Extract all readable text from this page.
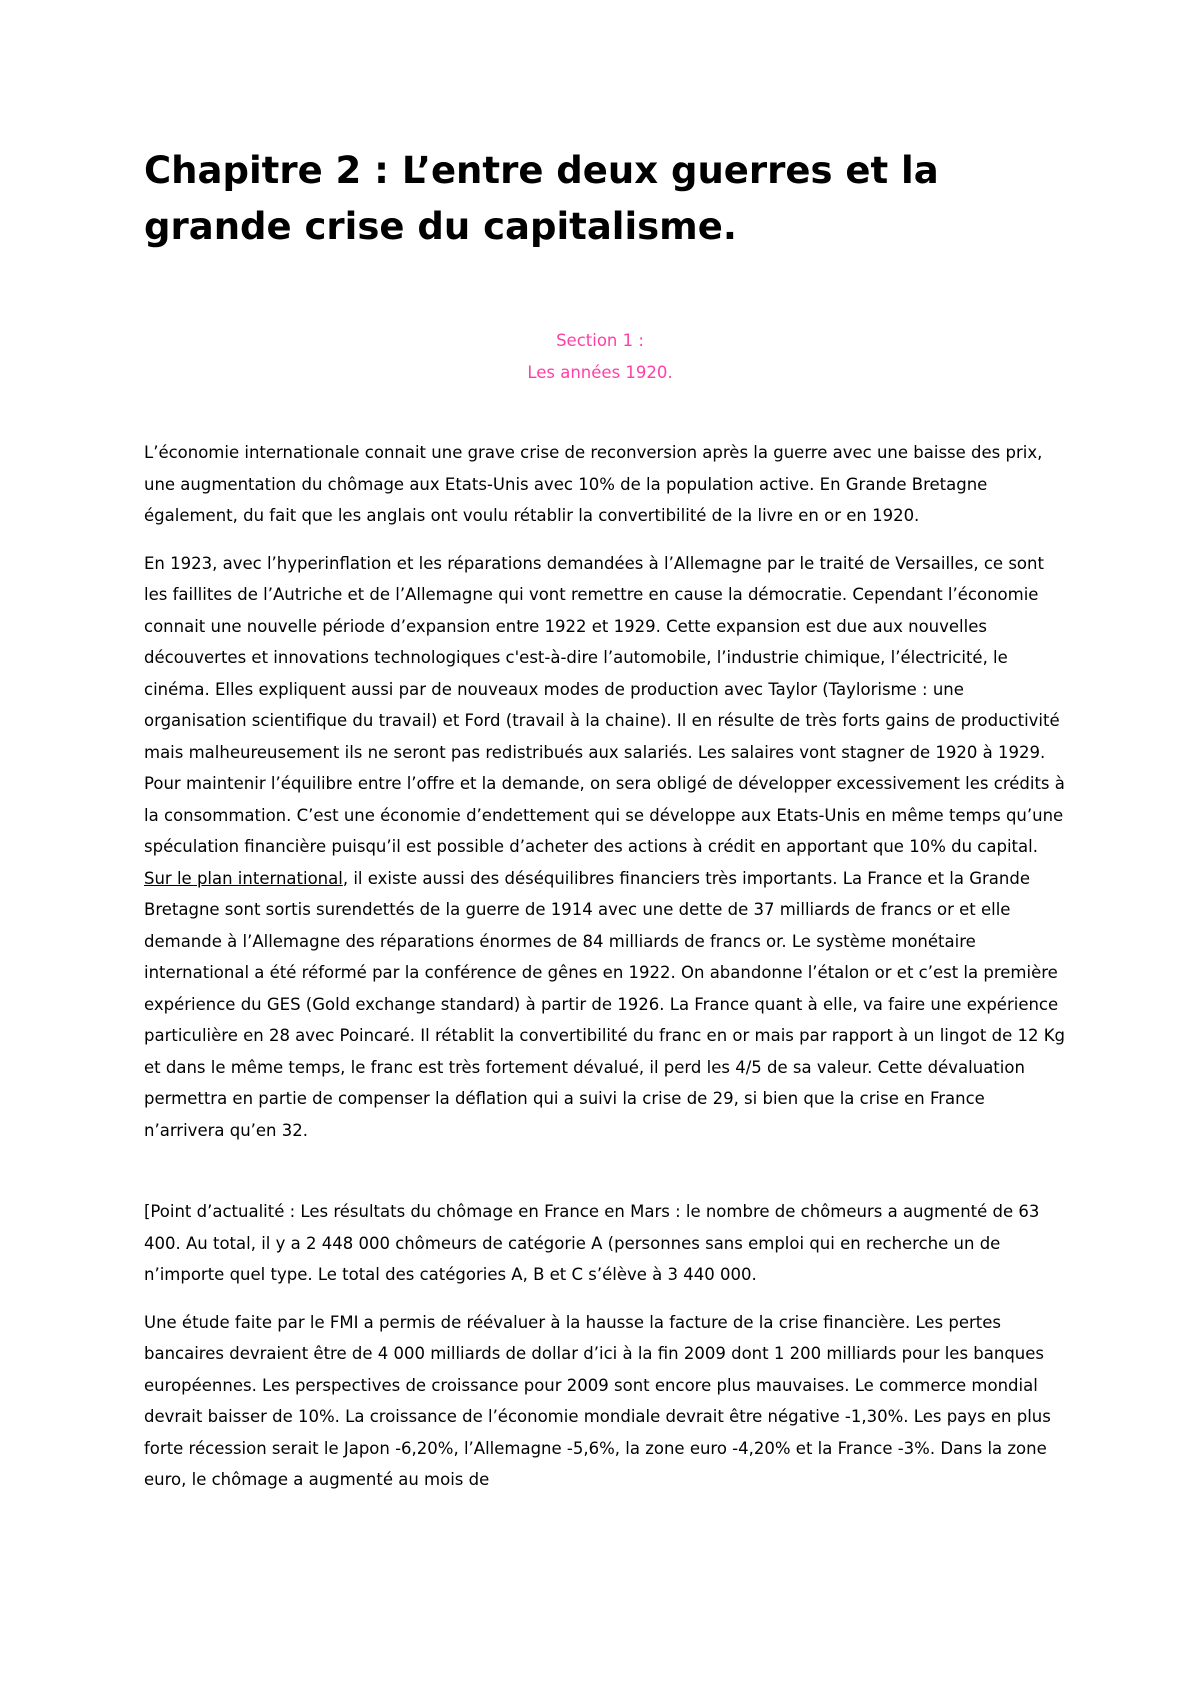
Chapitre 2 : L’entre deux guerres et la grande crise du capitalisme.
Section 1 :
Les années 1920.

L’économie internationale connait une grave crise de reconversion après la guerre avec une baisse des prix, une augmentation du chômage aux Etats-Unis avec 10% de la population active. En Grande Bretagne également, du fait que les anglais ont voulu rétablir la convertibilité de la livre en or en 1920.

En 1923, avec l’hyperinflation et les réparations demandées à l’Allemagne par le traité de Versailles, ce sont les faillites de l’Autriche et de l’Allemagne qui vont remettre en cause la démocratie. Cependant l’économie connait une nouvelle période d’expansion entre 1922 et 1929. Cette expansion est due aux nouvelles découvertes et innovations technologiques c'est-à-dire l’automobile, l’industrie chimique, l’électricité, le cinéma. Elles expliquent aussi par de nouveaux modes de production avec Taylor (Taylorisme : une organisation scientifique du travail) et Ford (travail à la chaine). Il en résulte de très forts gains de productivité mais malheureusement ils ne seront pas redistribués aux salariés. Les salaires vont stagner de 1920 à 1929. Pour maintenir l’équilibre entre l’offre et la demande, on sera obligé de développer excessivement les crédits à la consommation. C’est une économie d’endettement qui se développe aux Etats-Unis en même temps qu’une spéculation financière puisqu’il est possible d’acheter des actions à crédit en apportant que 10% du capital.

Sur le plan international, il existe aussi des déséquilibres financiers très importants. La France et la Grande Bretagne sont sortis surendettés de la guerre de 1914 avec une dette de 37 milliards de francs or et elle demande à l’Allemagne des réparations énormes de 84 milliards de francs or. Le système monétaire international a été réformé par la conférence de gênes en 1922. On abandonne l’étalon or et c’est la première expérience du GES (Gold exchange standard) à partir de 1926. La France quant à elle, va faire une expérience particulière en 28 avec Poincaré. Il rétablit la convertibilité du franc en or mais par rapport à un lingot de 12 Kg et dans le même temps, le franc est très fortement dévalué, il perd les 4/5 de sa valeur. Cette dévaluation permettra en partie de compenser la déflation qui a suivi la crise de 29, si bien que la crise en France n’arrivera qu’en 32.

[Point d’actualité : Les résultats du chômage en France en Mars : le nombre de chômeurs a augmenté de 63 400. Au total, il y a 2 448 000 chômeurs de catégorie A (personnes sans emploi qui en recherche un de n’importe quel type. Le total des catégories A, B et C s’élève à 3 440 000.

Une étude faite par le FMI a permis de réévaluer à la hausse la facture de la crise financière. Les pertes bancaires devraient être de 4 000 milliards de dollar d’ici à la fin 2009 dont 1 200 milliards pour les banques européennes. Les perspectives de croissance pour 2009 sont encore plus mauvaises. Le commerce mondial devrait baisser de 10%. La croissance de l’économie mondiale devrait être négative -1,30%. Les pays en plus forte récession serait le Japon -6,20%, l’Allemagne -5,6%, la zone euro -4,20% et la France -3%. Dans la zone euro, le chômage a augmenté au mois de
